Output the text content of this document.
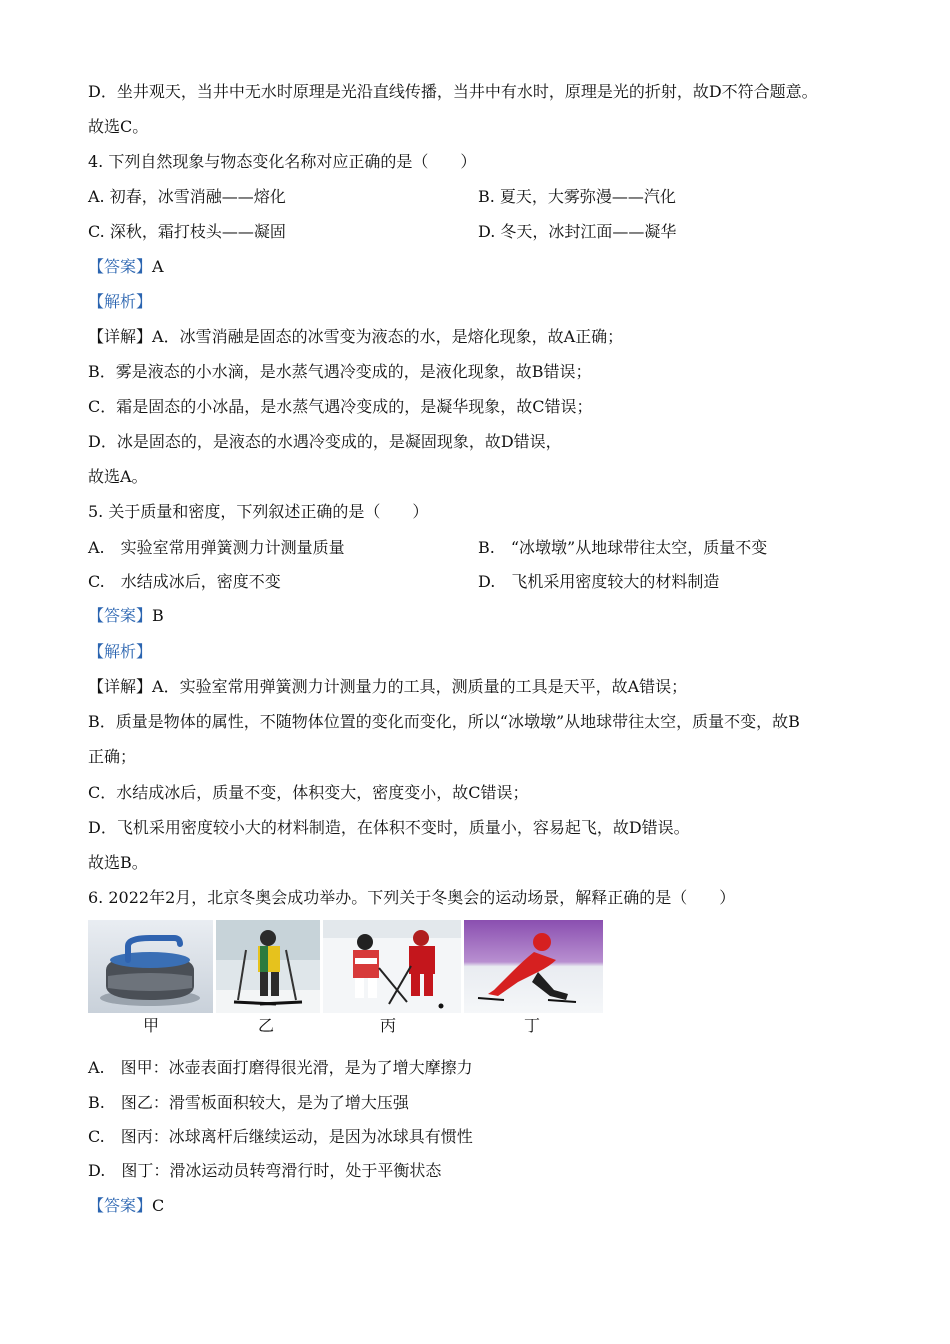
D．坐井观天，当井中无水时原理是光沿直线传播，当井中有水时，原理是光的折射，故D不符合题意。
故选C。
4. 下列自然现象与物态变化名称对应正确的是（　　）
A. 初春，冰雪消融——熔化	B. 夏天，大雾弥漫——汽化
C. 深秋，霜打枝头——凝固	D. 冬天，冰封江面——凝华
【答案】A
【解析】
【详解】A．冰雪消融是固态的冰雪变为液态的水，是熔化现象，故A正确；
B．雾是液态的小水滴，是水蒸气遇冷变成的，是液化现象，故B错误；
C．霜是固态的小冰晶，是水蒸气遇冷变成的，是凝华现象，故C错误；
D．冰是固态的，是液态的水遇冷变成的，是凝固现象，故D错误，
故选A。
5. 关于质量和密度，下列叙述正确的是（　　）
A.　实验室常用弹簧测力计测量质量	B.　“冰墩墩”从地球带往太空，质量不变
C.　水结成冰后，密度不变	D.　飞机采用密度较大的材料制造
【答案】B
【解析】
【详解】A．实验室常用弹簧测力计测量力的工具，测质量的工具是天平，故A错误；
B．质量是物体的属性，不随物体位置的变化而变化，所以“冰墩墩”从地球带往太空，质量不变，故B
正确；
C．水结成冰后，质量不变，体积变大，密度变小，故C错误；
D．飞机采用密度较小大的材料制造，在体积不变时，质量小，容易起飞，故D错误。
故选B。
6. 2022年2月，北京冬奥会成功举办。下列关于冬奥会的运动场景，解释正确的是（　　）
甲	乙	丙	丁
A.　图甲：冰壶表面打磨得很光滑，是为了增大摩擦力
B.　图乙：滑雪板面积较大，是为了增大压强
C.　图丙：冰球离杆后继续运动，是因为冰球具有惯性
D.　图丁：滑冰运动员转弯滑行时，处于平衡状态
【答案】C
